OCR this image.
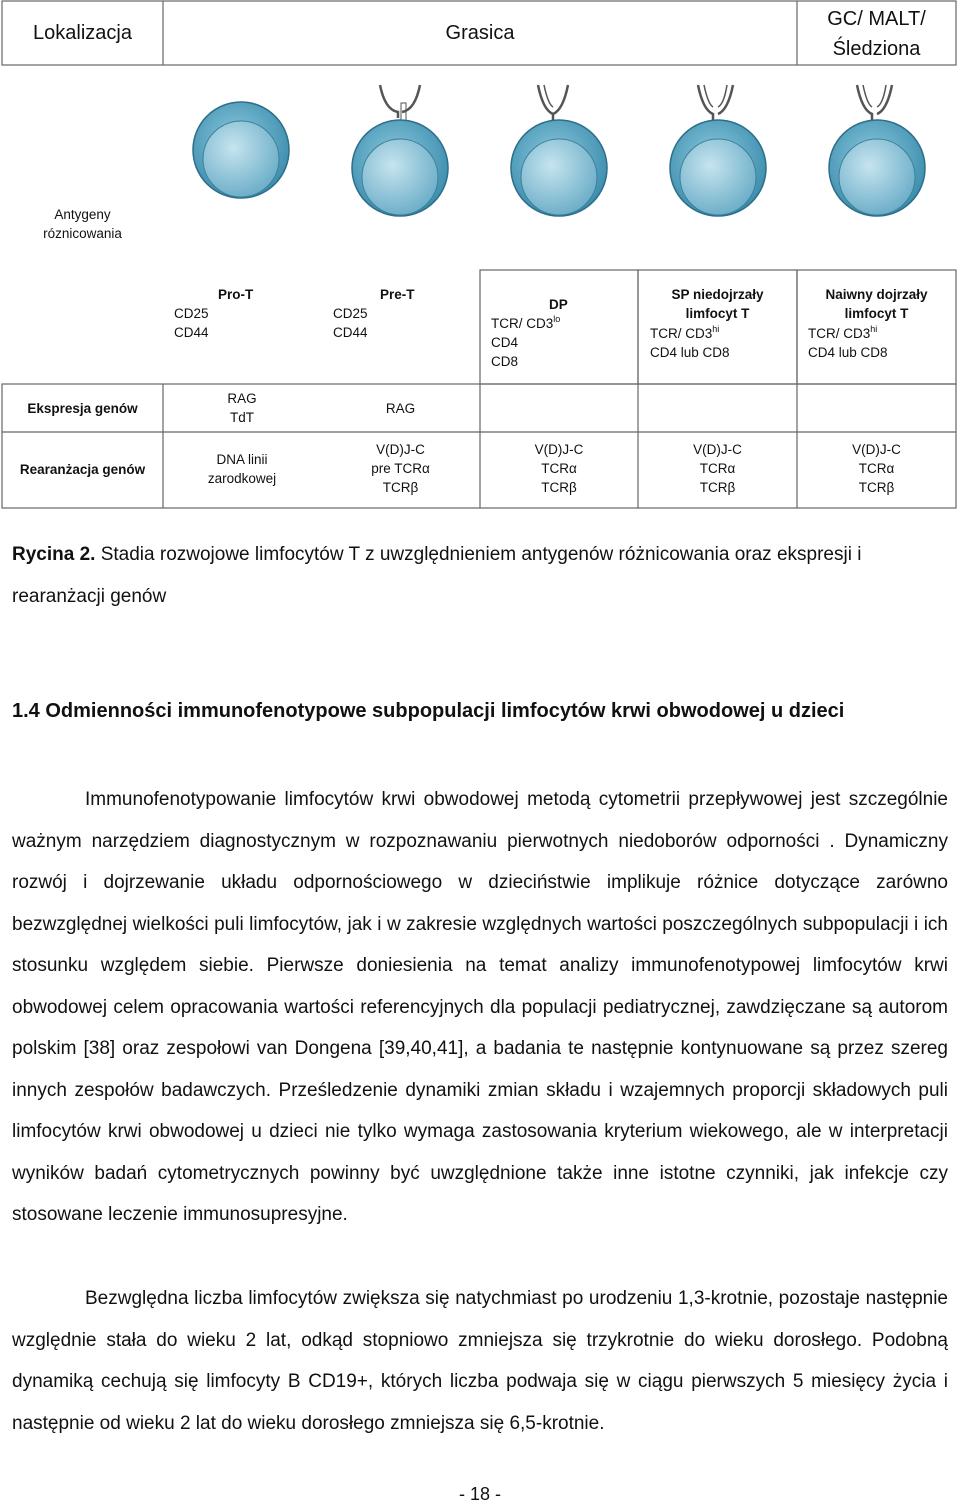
Lokalizacja	Grasica
GC/ MALT/
Śledziona
Antygeny
róznicowania
Pro-T
CD25
CD44
Pre-T
CD25
CD44
DP
TCR/ $CD3^{lo}$
CD4
CD8
SP niedojrzały
limfocyt T
TCR/ $CD3^{hi}$
CD4 lub CD8
Naiwny dojrzały
limfocyt T
TCR/ $CD3^{hi}$
CD4 lub CD8
Ekspresja genów
RAG
TdT
RAG
Rearanżacja genów
DNA linii
zarodkowej
V(D)J-C
pre TCRα
TCRβ
V(D)J-C
TCRα
TCRβ
V(D)J-C
TCRα
TCRβ
V(D)J-C
TCRα
TCRβ
Rycina 2. Stadia rozwojowe limfocytów T z uwzględnieniem antygenów różnicowania oraz ekspresji i rearanżacji genów
1.4 Odmienności immunofenotypowe subpopulacji limfocytów krwi obwodowej u dzieci
Immunofenotypowanie limfocytów krwi obwodowej metodą cytometrii przepływowej jest szczególnie ważnym narzędziem diagnostycznym w rozpoznawaniu pierwotnych niedoborów odporności . Dynamiczny rozwój i dojrzewanie układu odpornościowego w dzieciństwie implikuje różnice dotyczące zarówno bezwzględnej wielkości puli limfocytów, jak i w zakresie względnych wartości poszczególnych subpopulacji i ich stosunku względem siebie. Pierwsze doniesienia na temat analizy immunofenotypowej limfocytów krwi obwodowej celem opracowania wartości referencyjnych dla populacji pediatrycznej, zawdzięczane są autorom polskim [38] oraz zespołowi van Dongena [39,40,41], a badania te następnie kontynuowane są przez szereg innych zespołów badawczych. Prześledzenie dynamiki zmian składu i wzajemnych proporcji składowych puli limfocytów krwi obwodowej u dzieci nie tylko wymaga zastosowania kryterium wiekowego, ale w interpretacji wyników badań cytometrycznych powinny być uwzględnione także inne istotne czynniki, jak infekcje czy stosowane leczenie immunosupresyjne.
Bezwględna liczba limfocytów zwiększa się natychmiast po urodzeniu 1,3-krotnie, pozostaje następnie względnie stała do wieku 2 lat, odkąd stopniowo zmniejsza się trzykrotnie do wieku dorosłego. Podobną dynamiką cechują się limfocyty B CD19+, których liczba podwaja się w ciągu pierwszych 5 miesięcy życia i następnie od wieku 2 lat do wieku dorosłego zmniejsza się 6,5-krotnie.
- 18 -
